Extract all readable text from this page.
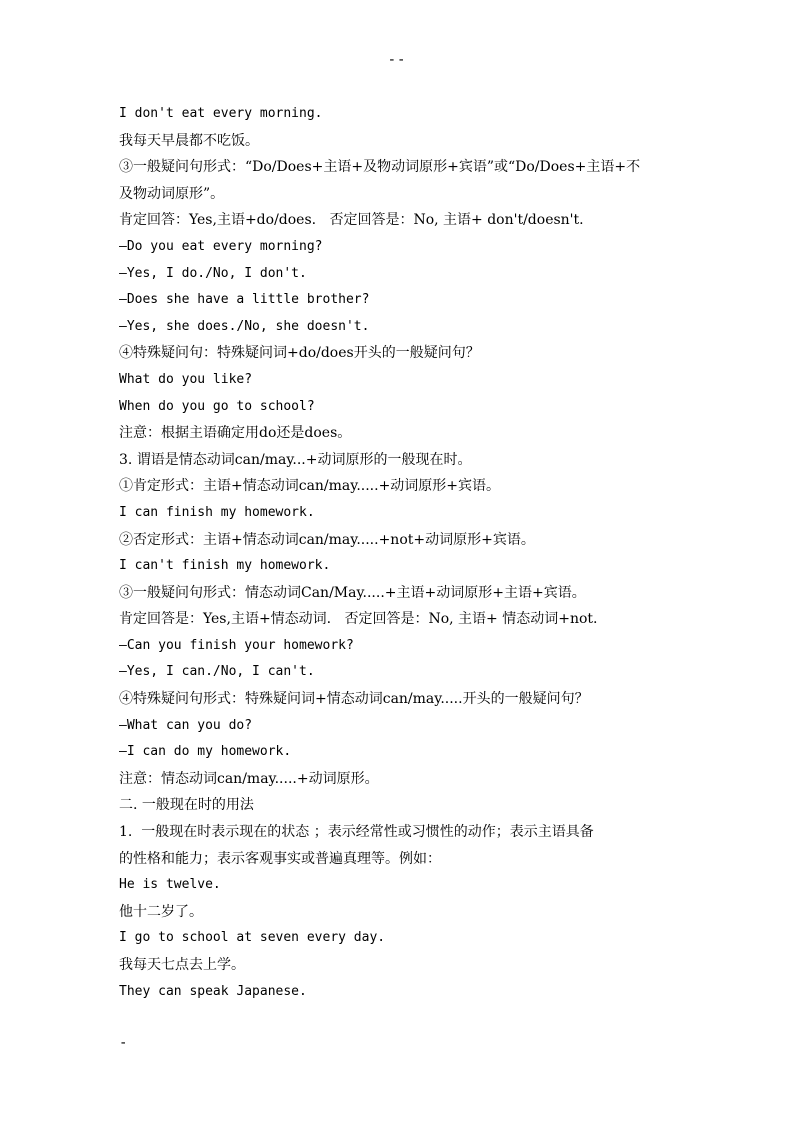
--
I don't eat every morning.
我每天早晨都不吃饭。
③一般疑问句形式：“Do/Does+主语+及物动词原形+宾语”或“Do/Does+主语+不
及物动词原形”。
肯定回答：Yes,主语+do/does.   否定回答是：No, 主语+ don't/doesn't.
—Do you eat every morning?
—Yes, I do./No, I don't.
—Does she have a little brother?
—Yes, she does./No, she doesn't.
④特殊疑问句：特殊疑问词+do/does开头的一般疑问句？
What do you like?
When do you go to school?
注意：根据主语确定用do还是does。
3. 谓语是情态动词can/may...+动词原形的一般现在时。
①肯定形式：主语+情态动词can/may.....+动词原形+宾语。
I can finish my homework.
②否定形式：主语+情态动词can/may.....+not+动词原形+宾语。
I can't finish my homework.
③一般疑问句形式：情态动词Can/May.....+主语+动词原形+主语+宾语。
肯定回答是：Yes,主语+情态动词.   否定回答是：No, 主语+ 情态动词+not.
—Can you finish your homework?
—Yes, I can./No, I can't.
④特殊疑问句形式：特殊疑问词+情态动词can/may.....开头的一般疑问句？
—What can you do?
—I can do my homework.
注意：情态动词can/may.....+动词原形。
二. 一般现在时的用法
1.  一般现在时表示现在的状态 ；表示经常性或习惯性的动作；表示主语具备
的性格和能力；表示客观事实或普遍真理等。例如：
He is twelve.
他十二岁了。
I go to school at seven every day.
我每天七点去上学。
They can speak Japanese.
-
